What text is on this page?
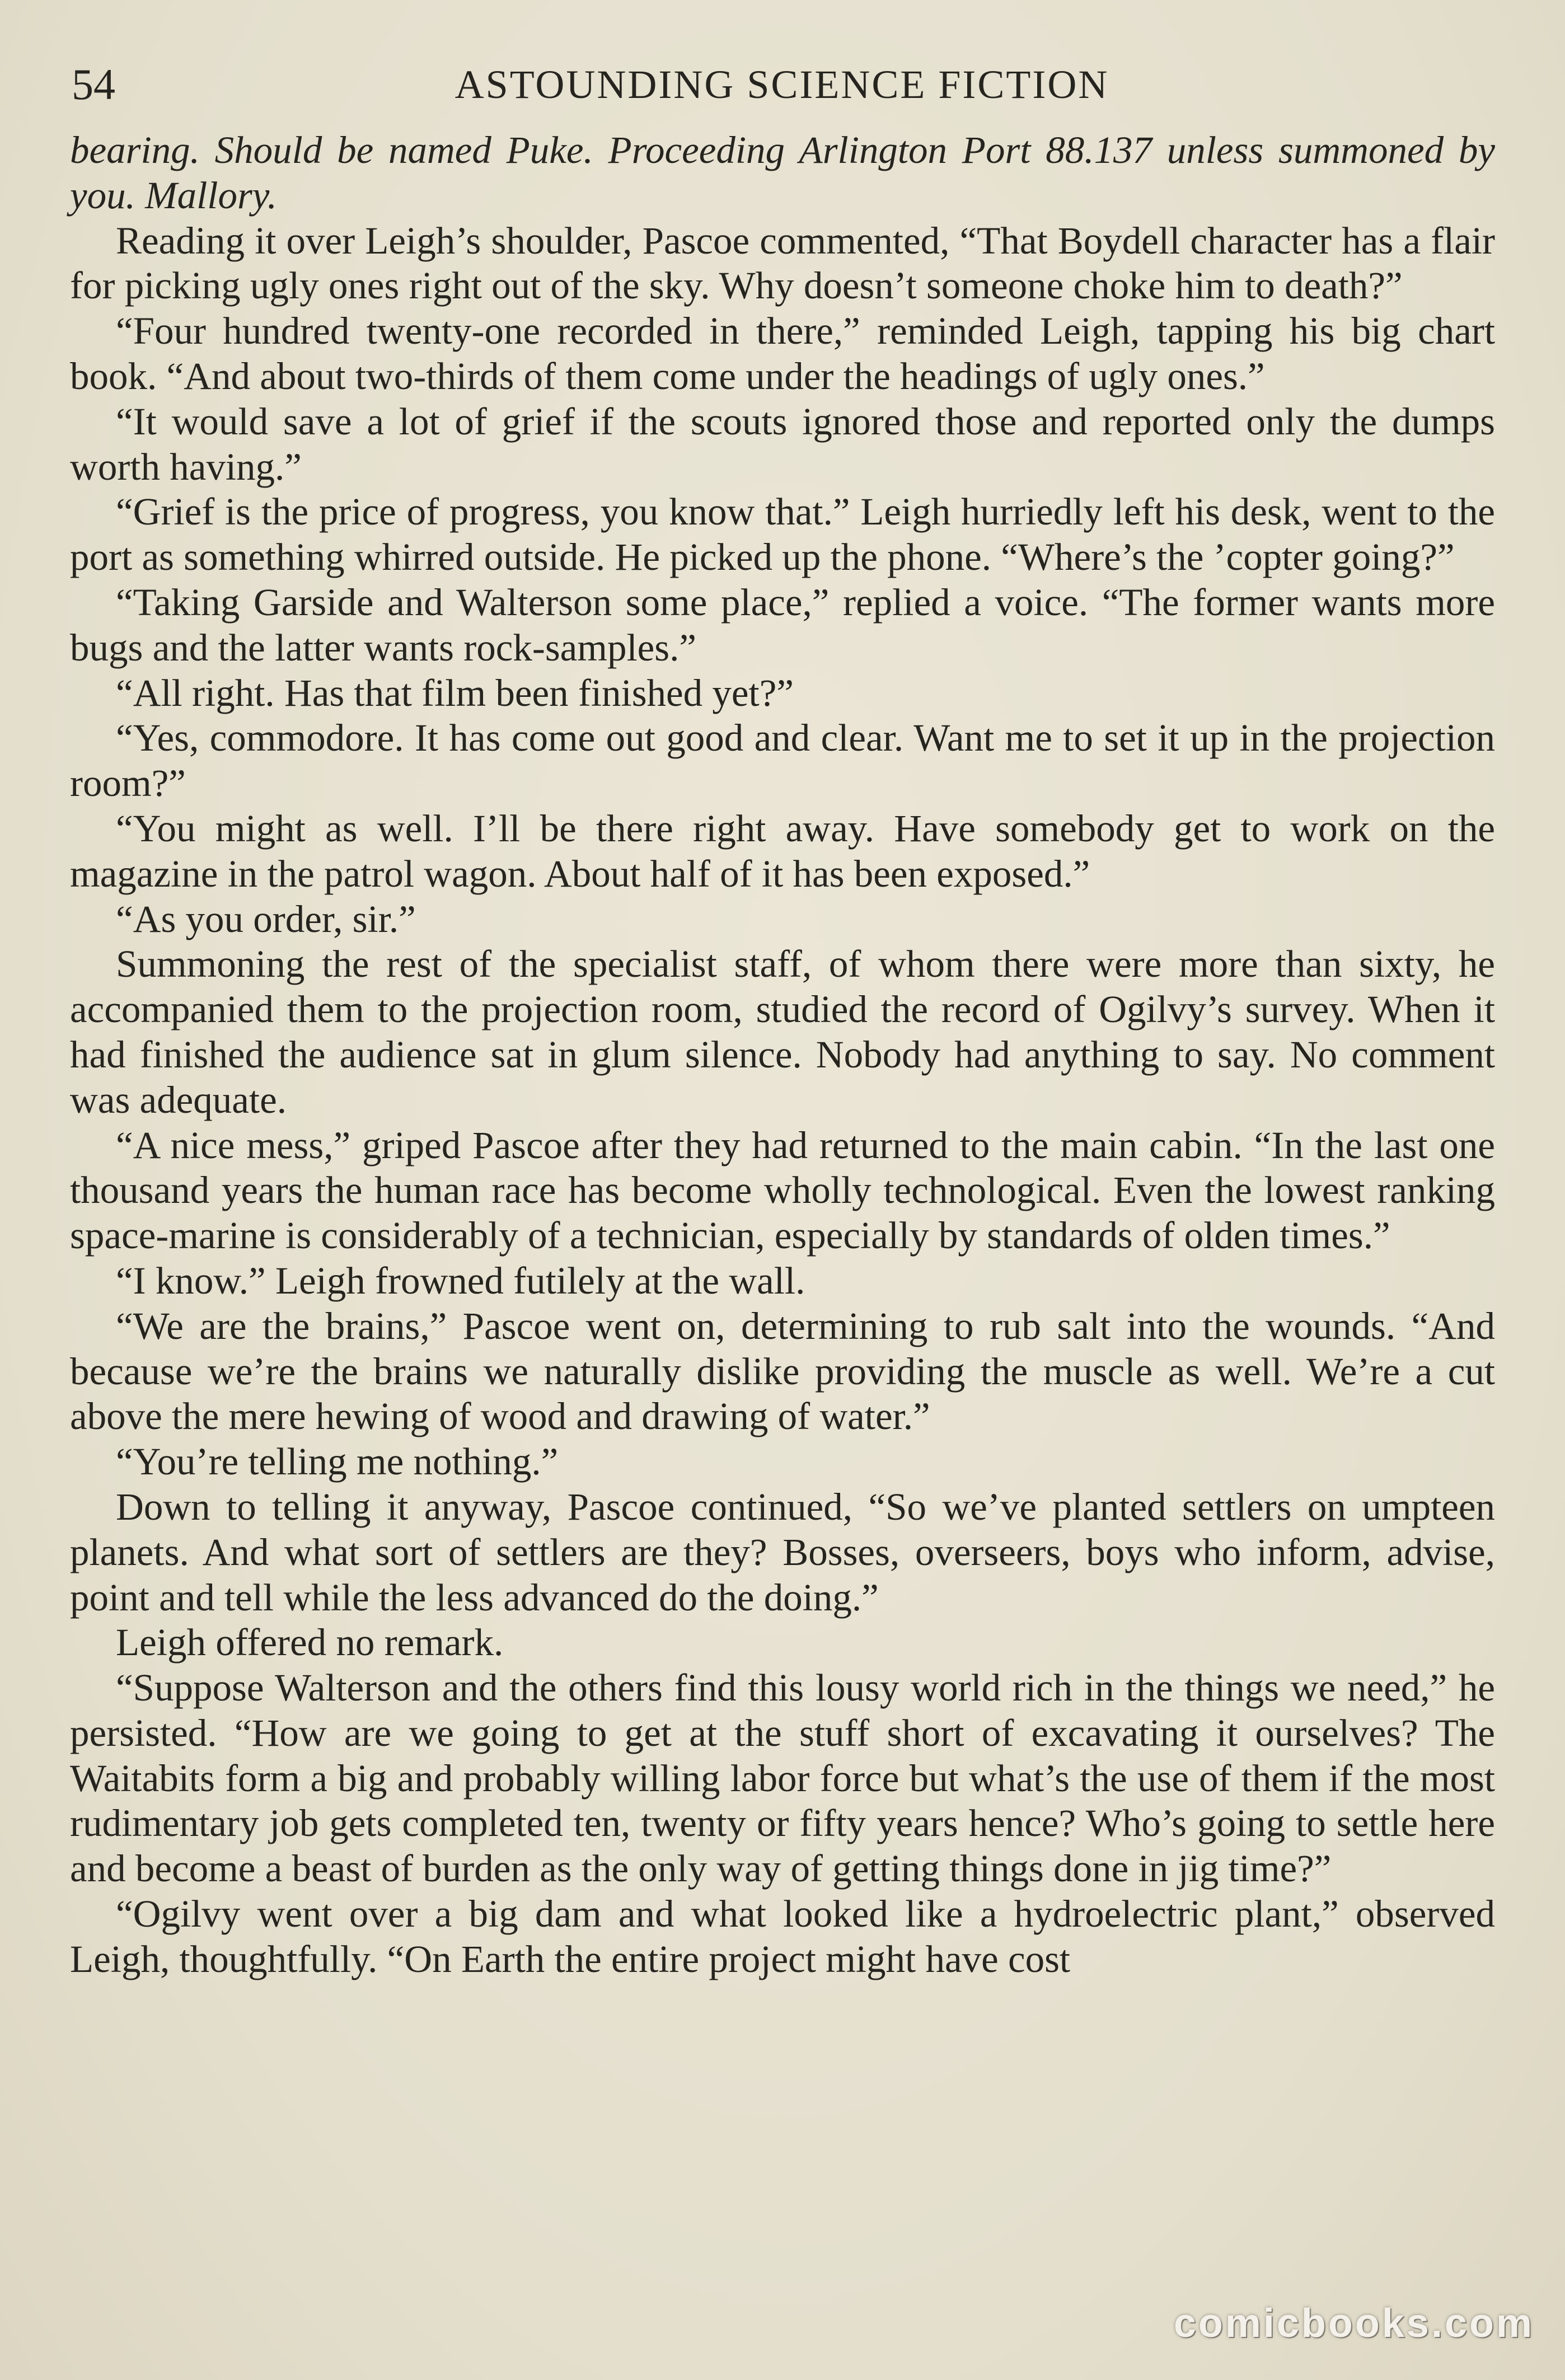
54	ASTOUNDING SCIENCE FICTION

bearing. Should be named Puke. Proceeding Arlington Port 88.137 unless summoned by you. Mallory.

Reading it over Leigh’s shoulder, Pascoe commented, “That Boydell character has a flair for picking ugly ones right out of the sky. Why doesn’t someone choke him to death?”

“Four hundred twenty-one recorded in there,” reminded Leigh, tapping his big chart book. “And about two-thirds of them come under the headings of ugly ones.”

“It would save a lot of grief if the scouts ignored those and reported only the dumps worth having.”

“Grief is the price of progress, you know that.” Leigh hurriedly left his desk, went to the port as something whirred outside. He picked up the phone. “Where’s the ’copter going?”

“Taking Garside and Walterson some place,” replied a voice. “The former wants more bugs and the latter wants rock-samples.”

“All right. Has that film been finished yet?”

“Yes, commodore. It has come out good and clear. Want me to set it up in the projection room?”

“You might as well. I’ll be there right away. Have somebody get to work on the magazine in the patrol wagon. About half of it has been exposed.”

“As you order, sir.”

Summoning the rest of the specialist staff, of whom there were more than sixty, he accompanied them to the projection room, studied the record of Ogilvy’s survey. When it had finished the audience sat in glum silence. Nobody had anything to say. No comment was adequate.

“A nice mess,” griped Pascoe after they had returned to the main cabin. “In the last one thousand years the human race has become wholly technological. Even the lowest ranking space-marine is considerably of a technician, especially by standards of olden times.”

“I know.” Leigh frowned futilely at the wall.

“We are the brains,” Pascoe went on, determining to rub salt into the wounds. “And because we’re the brains we naturally dislike providing the muscle as well. We’re a cut above the mere hewing of wood and drawing of water.”

“You’re telling me nothing.”

Down to telling it anyway, Pascoe continued, “So we’ve planted settlers on umpteen planets. And what sort of settlers are they? Bosses, overseers, boys who inform, advise, point and tell while the less advanced do the doing.”

Leigh offered no remark.

“Suppose Walterson and the others find this lousy world rich in the things we need,” he persisted. “How are we going to get at the stuff short of excavating it ourselves? The Waitabits form a big and probably willing labor force but what’s the use of them if the most rudimentary job gets completed ten, twenty or fifty years hence? Who’s going to settle here and become a beast of burden as the only way of getting things done in jig time?”

“Ogilvy went over a big dam and what looked like a hydroelectric plant,” observed Leigh, thoughtfully. “On Earth the entire project might have cost

comicbooks.com
